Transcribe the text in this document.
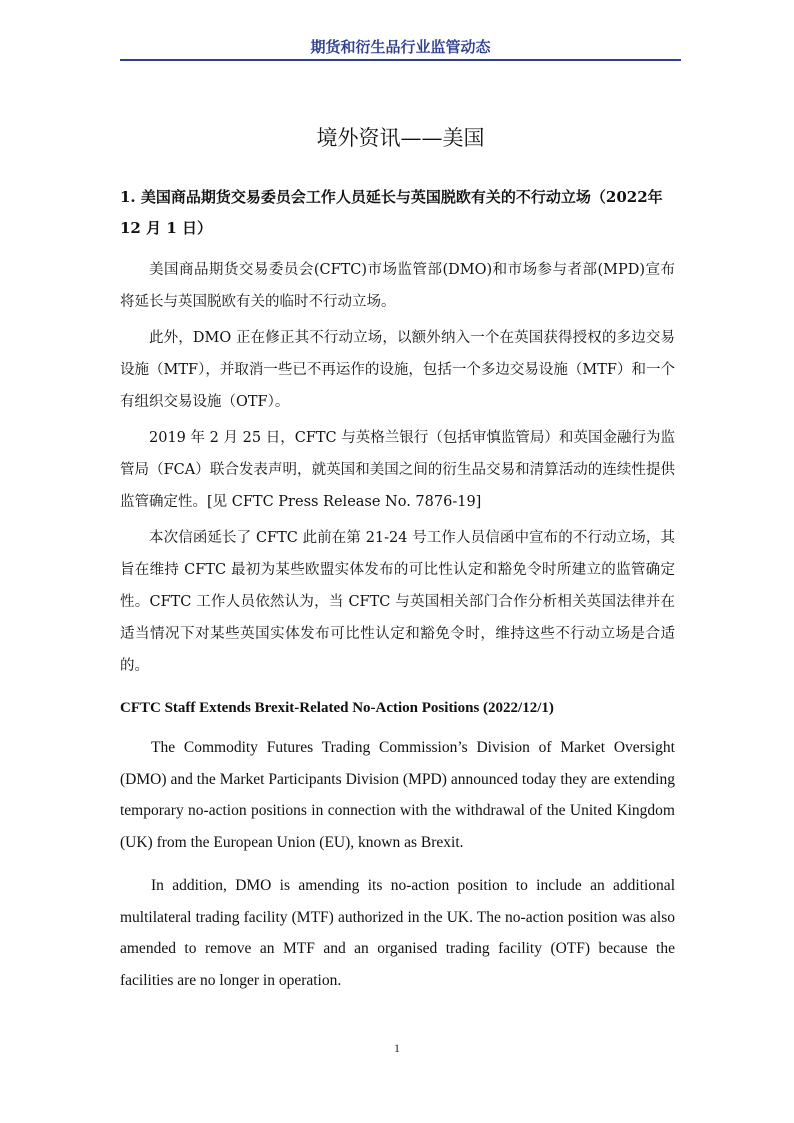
期货和衍生品行业监管动态
境外资讯——美国
1. 美国商品期货交易委员会工作人员延长与英国脱欧有关的不行动立场（2022年 12 月 1 日）

美国商品期货交易委员会(CFTC)市场监管部(DMO)和市场参与者部(MPD)宣布将延长与英国脱欧有关的临时不行动立场。

此外，DMO 正在修正其不行动立场，以额外纳入一个在英国获得授权的多边交易设施（MTF），并取消一些已不再运作的设施，包括一个多边交易设施（MTF）和一个有组织交易设施（OTF）。

2019 年 2 月 25 日，CFTC 与英格兰银行（包括审慎监管局）和英国金融行为监管局（FCA）联合发表声明，就英国和美国之间的衍生品交易和清算活动的连续性提供监管确定性。[见 CFTC Press Release No. 7876-19]

本次信函延长了 CFTC 此前在第 21-24 号工作人员信函中宣布的不行动立场，其旨在维持 CFTC 最初为某些欧盟实体发布的可比性认定和豁免令时所建立的监管确定性。CFTC 工作人员依然认为，当 CFTC 与英国相关部门合作分析相关英国法律并在适当情况下对某些英国实体发布可比性认定和豁免令时，维持这些不行动立场是合适的。

CFTC Staff Extends Brexit-Related No-Action Positions (2022/12/1)

The Commodity Futures Trading Commission’s Division of Market Oversight (DMO) and the Market Participants Division (MPD) announced today they are extending temporary no-action positions in connection with the withdrawal of the United Kingdom (UK) from the European Union (EU), known as Brexit.

In addition, DMO is amending its no-action position to include an additional multilateral trading facility (MTF) authorized in the UK. The no-action position was also amended to remove an MTF and an organised trading facility (OTF) because the facilities are no longer in operation.

1
